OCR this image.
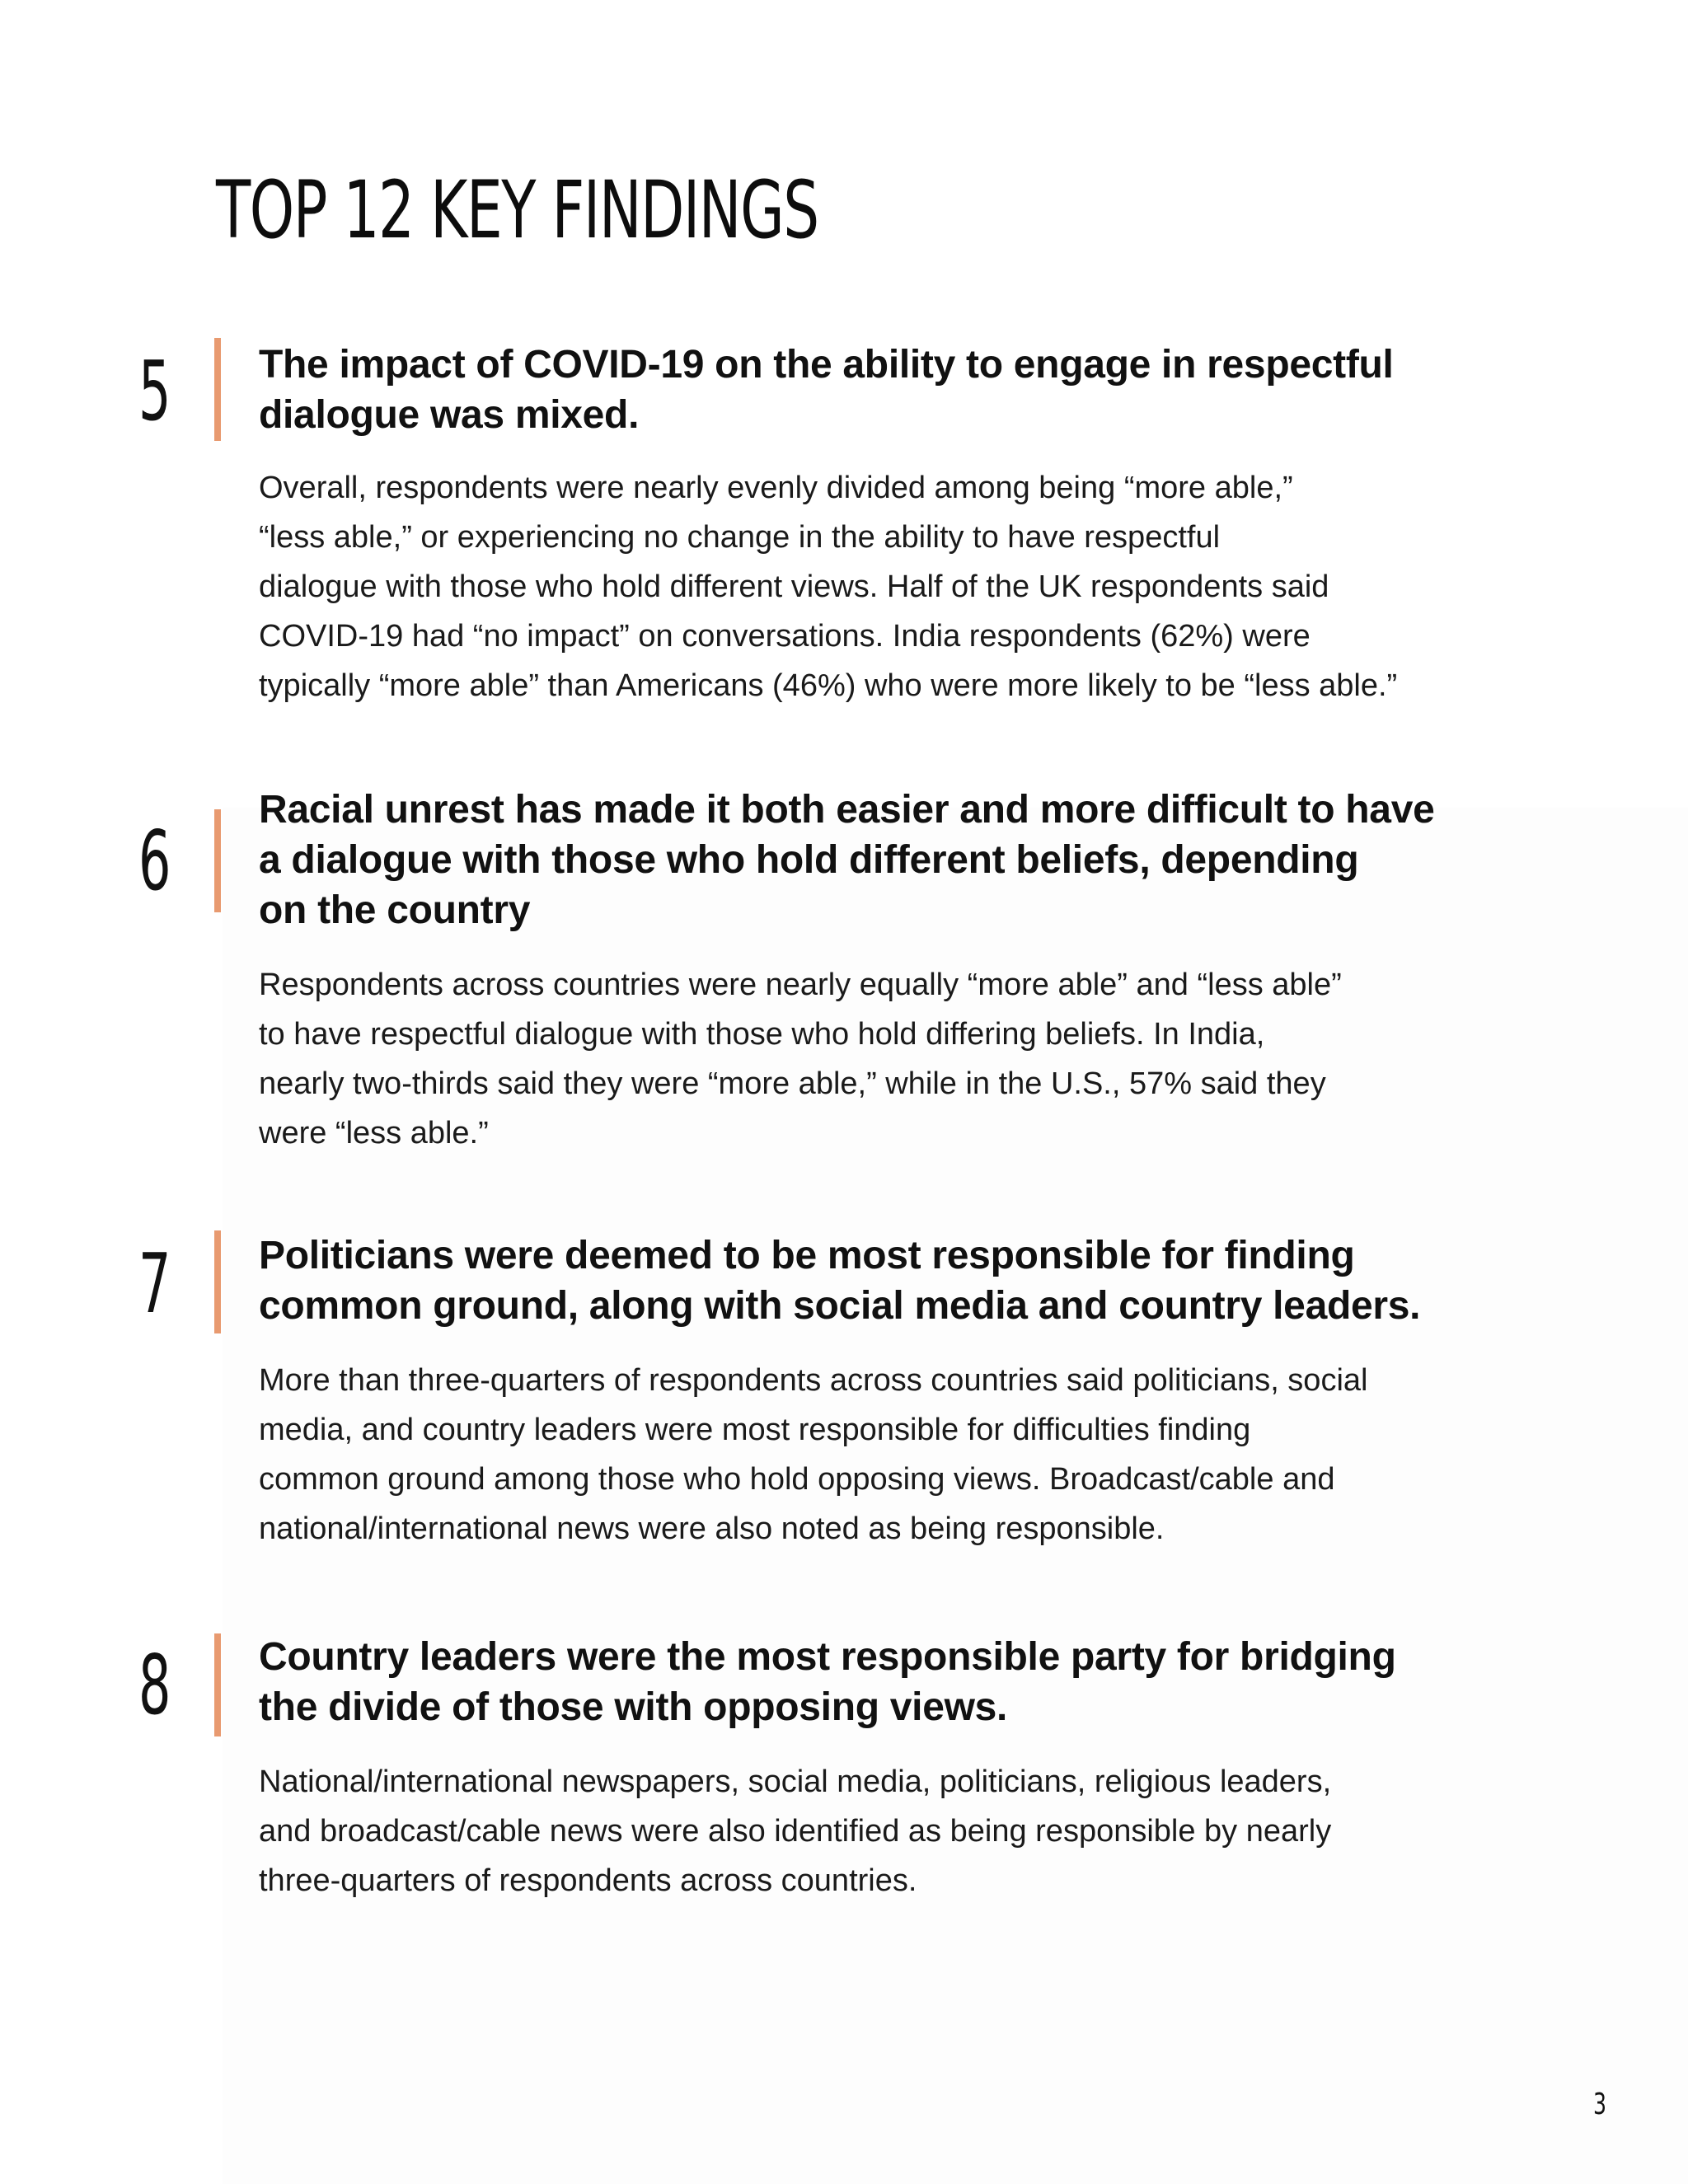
TOP 12 KEY FINDINGS
5 The impact of COVID-19 on the ability to engage in respectful
dialogue was mixed.
Overall, respondents were nearly evenly divided among being “more able,”
“less able,” or experiencing no change in the ability to have respectful
dialogue with those who hold different views. Half of the UK respondents said
COVID-19 had “no impact” on conversations. India respondents (62%) were
typically “more able” than Americans (46%) who were more likely to be “less able.”
6
Racial unrest has made it both easier and more difficult to have
a dialogue with those who hold different beliefs, depending
on the country
Respondents across countries were nearly equally “more able” and “less able”
to have respectful dialogue with those who hold differing beliefs. In India,
nearly two-thirds said they were “more able,” while in the U.S., 57% said they
were “less able.”
7 Politicians were deemed to be most responsible for finding
common ground, along with social media and country leaders.
More than three-quarters of respondents across countries said politicians, social
media, and country leaders were most responsible for difficulties finding
common ground among those who hold opposing views. Broadcast/cable and
national/international news were also noted as being responsible.
8 Country leaders were the most responsible party for bridging
the divide of those with opposing views.
National/international newspapers, social media, politicians, religious leaders,
and broadcast/cable news were also identified as being responsible by nearly
three-quarters of respondents across countries.
3
